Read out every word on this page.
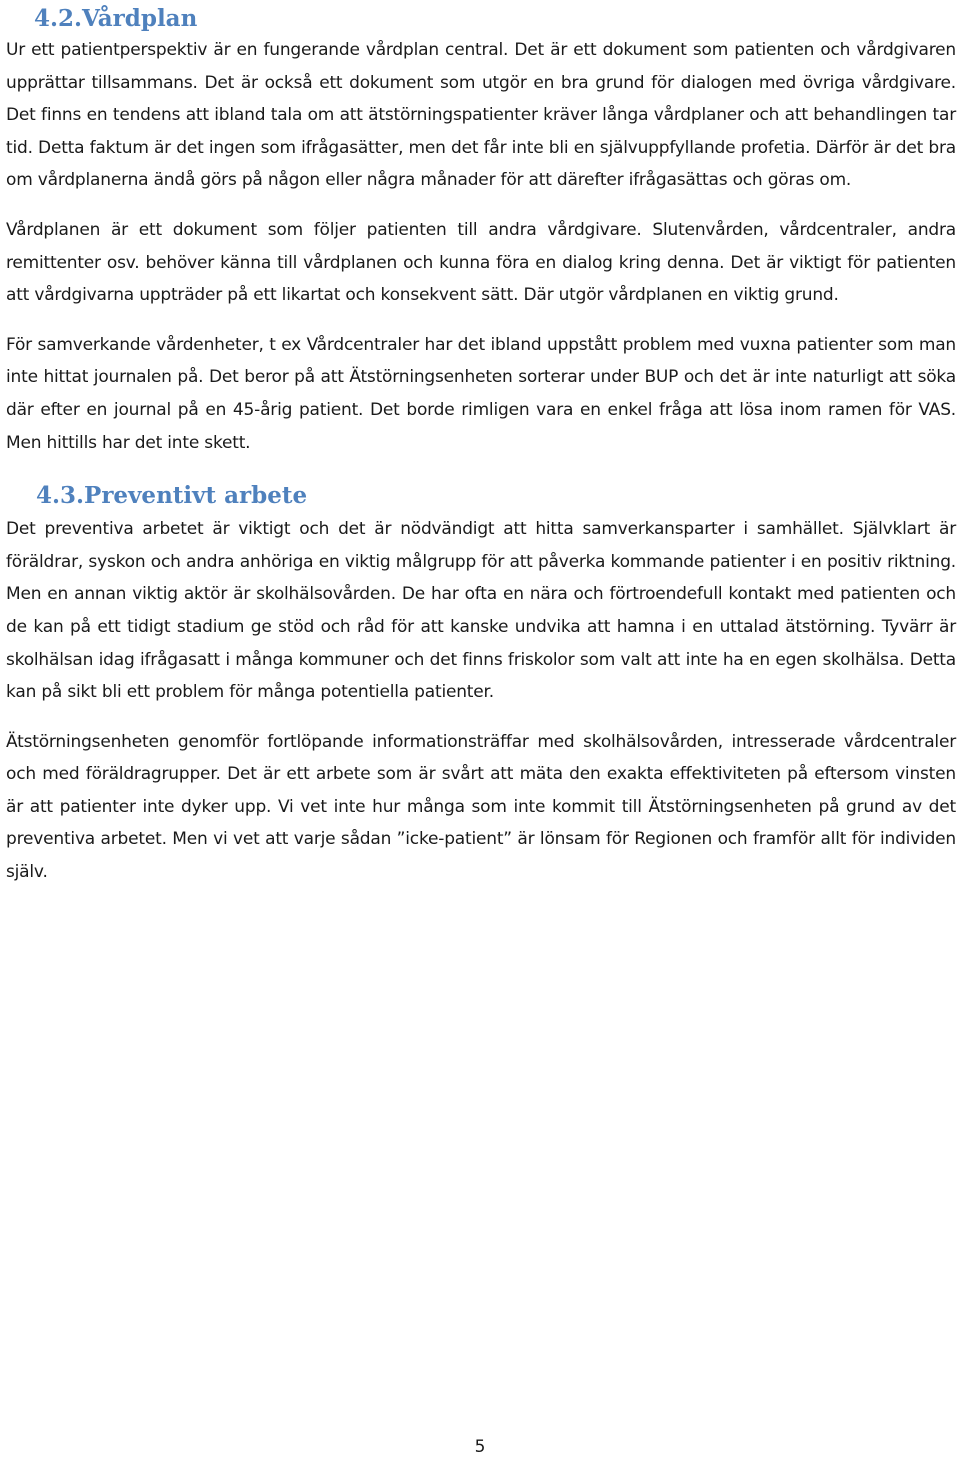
4.2.Vårdplan

Ur ett patientperspektiv är en fungerande vårdplan central. Det är ett dokument som patienten och vårdgivaren upprättar tillsammans. Det är också ett dokument som utgör en bra grund för dialogen med övriga vårdgivare. Det finns en tendens att ibland tala om att ätstörningspatienter kräver långa vårdplaner och att behandlingen tar tid. Detta faktum är det ingen som ifrågasätter, men det får inte bli en självuppfyllande profetia. Därför är det bra om vårdplanerna ändå görs på någon eller några månader för att därefter ifrågasättas och göras om.

Vårdplanen är ett dokument som följer patienten till andra vårdgivare. Slutenvården, vårdcentraler, andra remittenter osv. behöver känna till vårdplanen och kunna föra en dialog kring denna. Det är viktigt för patienten att vårdgivarna uppträder på ett likartat och konsekvent sätt. Där utgör vårdplanen en viktig grund.

För samverkande vårdenheter, t ex Vårdcentraler har det ibland uppstått problem med vuxna patienter som man inte hittat journalen på. Det beror på att Ätstörningsenheten sorterar under BUP och det är inte naturligt att söka där efter en journal på en 45-årig patient. Det borde rimligen vara en enkel fråga att lösa inom ramen för VAS. Men hittills har det inte skett.

4.3.Preventivt arbete

Det preventiva arbetet är viktigt och det är nödvändigt att hitta samverkansparter i samhället. Självklart är föräldrar, syskon och andra anhöriga en viktig målgrupp för att påverka kommande patienter i en positiv riktning. Men en annan viktig aktör är skolhälsovården. De har ofta en nära och förtroendefull kontakt med patienten och de kan på ett tidigt stadium ge stöd och råd för att kanske undvika att hamna i en uttalad ätstörning. Tyvärr är skolhälsan idag ifrågasatt i många kommuner och det finns friskolor som valt att inte ha en egen skolhälsa. Detta kan på sikt bli ett problem för många potentiella patienter.

Ätstörningsenheten genomför fortlöpande informationsträffar med skolhälsovården, intresserade vårdcentraler och med föräldragrupper. Det är ett arbete som är svårt att mäta den exakta effektiviteten på eftersom vinsten är att patienter inte dyker upp. Vi vet inte hur många som inte kommit till Ätstörningsenheten på grund av det preventiva arbetet. Men vi vet att varje sådan ”icke-patient” är lönsam för Regionen och framför allt för individen själv.

5
